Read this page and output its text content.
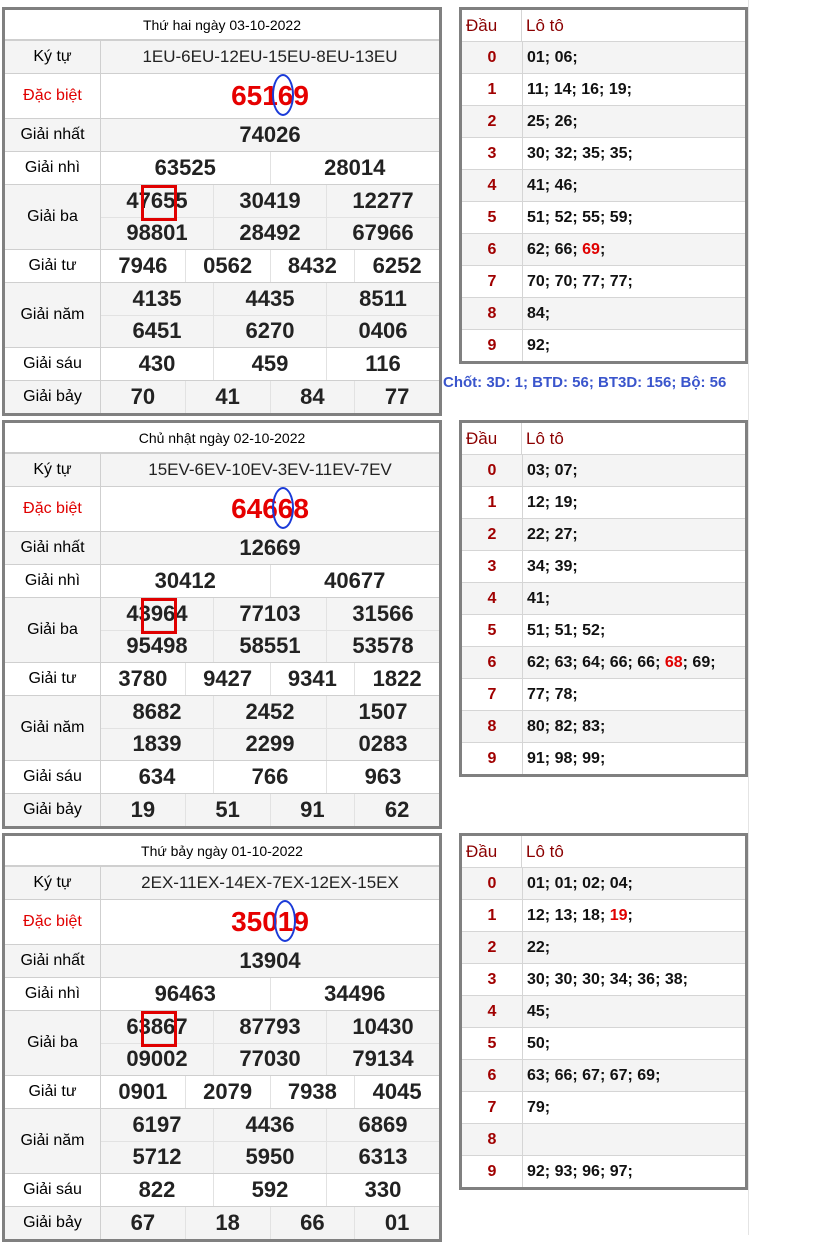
Thứ hai ngày 03-10-2022
Ký tự	1EU-6EU-12EU-15EU-8EU-13EU
Đặc biệt	65169
Giải nhất	74026
Giải nhì	63525	28014
Giải ba
47655	30419	12277
98801	28492	67966
Giải tư	7946	0562	8432	6252
Giải năm
4135	4435	8511
6451	6270	0406
Giải sáu	430	459	116
Giải bảy	70	41	84	77
Đầu	Lô tô
0	01; 06;
1	11; 14; 16; 19;
2	25; 26;
3	30; 32; 35; 35;
4	41; 46;
5	51; 52; 55; 59;
6	62; 66; 69 ;
7	70; 70; 77; 77;
8	84;
9	92;
Chủ nhật ngày 02-10-2022
Ký tự	15EV-6EV-10EV-3EV-11EV-7EV
Đặc biệt	64668
Giải nhất	12669
Giải nhì	30412	40677
Giải ba
43964	77103	31566
95498	58551	53578
Giải tư	3780	9427	9341	1822
Giải năm
8682	2452	1507
1839	2299	0283
Giải sáu	634	766	963
Giải bảy	19	51	91	62
Đầu	Lô tô
0	03; 07;
1	12; 19;
2	22; 27;
3	34; 39;
4	41;
5	51; 51; 52;
6	62; 63; 64; 66; 66; 68 ; 69;
7	77; 78;
8	80; 82; 83;
9	91; 98; 99;
Thứ bảy ngày 01-10-2022
Ký tự	2EX-11EX-14EX-7EX-12EX-15EX
Đặc biệt	35019
Giải nhất	13904
Giải nhì	96463	34496
Giải ba
63867	87793	10430
09002	77030	79134
Giải tư	0901	2079	7938	4045
Giải năm
6197	4436	6869
5712	5950	6313
Giải sáu	822	592	330
Giải bảy	67	18	66	01
Đầu	Lô tô
0	01; 01; 02; 04;
1	12; 13; 18; 19 ;
2	22;
3	30; 30; 30; 34; 36; 38;
4	45;
5	50;
6	63; 66; 67; 67; 69;
7	79;
8
9	92; 93; 96; 97;
Chốt: 3D: 1; BTD: 56; BT3D: 156; Bộ: 56
